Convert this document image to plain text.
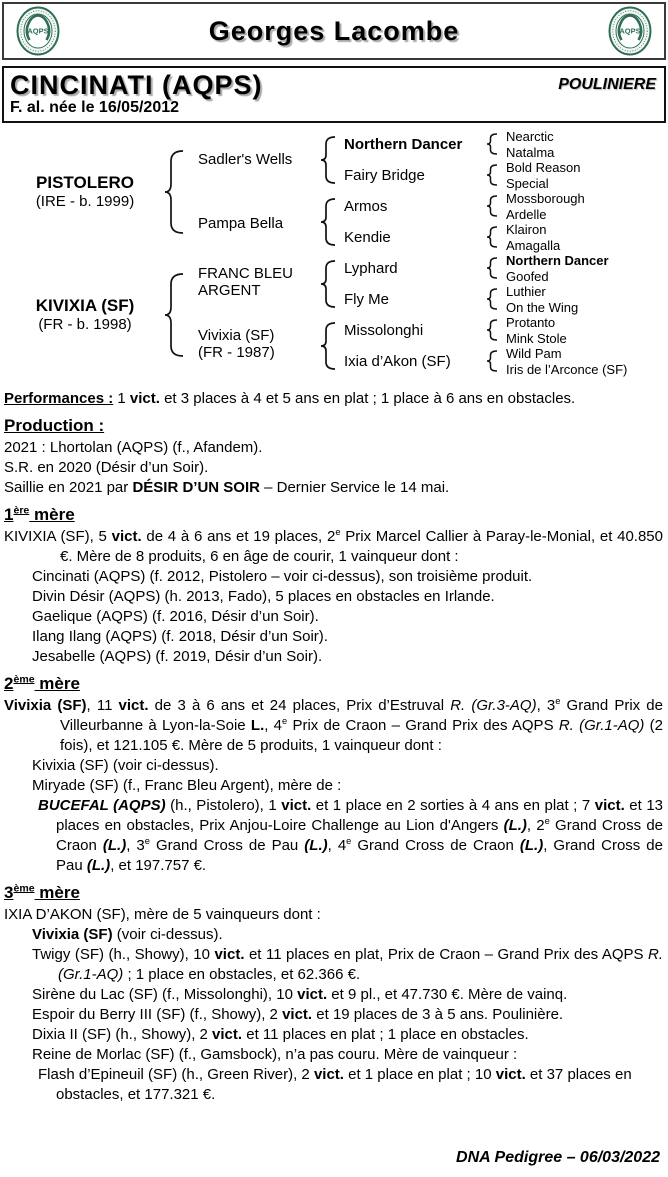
AQPS	Georges Lacombe	AQPS
CINCINATI (AQPS)
F. al. née le 16/05/2012
POULINIERE
PISTOLERO
(IRE - b. 1999)
KIVIXIA (SF)
(FR - b. 1998)
Sadler's Wells
Pampa Bella
FRANC BLEU ARGENT
Vivixia (SF)
(FR - 1987)
Northern Dancer
Fairy Bridge
Armos
Kendie
Lyphard
Fly Me
Missolonghi
Ixia d’Akon (SF)
Nearctic
Natalma
Bold Reason
Special
Mossborough
Ardelle
Klairon
Amagalla
Northern Dancer
Goofed
Luthier
On the Wing
Protanto
Mink Stole
Wild Pam
Iris de l’Arconce (SF)

Performances : 1 vict. et 3 places à 4 et 5 ans en plat ; 1 place à 6 ans en obstacles.

Production :

2021 : Lhortolan (AQPS) (f., Afandem).

S.R. en 2020 (Désir d’un Soir).

Saillie en 2021 par DÉSIR D’UN SOIR – Dernier Service le 14 mai.

1ère mère

KIVIXIA (SF), 5 vict. de 4 à 6 ans et 19 places, 2e Prix Marcel Callier à Paray-le-Monial, et 40.850 €. Mère de 8 produits, 6 en âge de courir, 1 vainqueur dont :

Cincinati (AQPS) (f. 2012, Pistolero – voir ci-dessus), son troisième produit.

Divin Désir (AQPS) (h. 2013, Fado), 5 places en obstacles en Irlande.

Gaelique (AQPS) (f. 2016, Désir d’un Soir).

Ilang Ilang (AQPS) (f. 2018, Désir d’un Soir).

Jesabelle (AQPS) (f. 2019, Désir d’un Soir).

2ème mère

Vivixia (SF), 11 vict. de 3 à 6 ans et 24 places, Prix d’Estruval R. (Gr.3-AQ), 3e Grand Prix de Villeurbanne à Lyon-la-Soie L., 4e Prix de Craon – Grand Prix des AQPS R. (Gr.1-AQ) (2 fois), et 121.105 €. Mère de 5 produits, 1 vainqueur dont :

Kivixia (SF) (voir ci-dessus).

Miryade (SF) (f., Franc Bleu Argent), mère de :

BUCEFAL (AQPS) (h., Pistolero), 1 vict. et 1 place en 2 sorties à 4 ans en plat ; 7 vict. et 13 places en obstacles, Prix Anjou-Loire Challenge au Lion d'Angers (L.), 2e Grand Cross de Craon (L.), 3e Grand Cross de Pau (L.), 4e Grand Cross de Craon (L.), Grand Cross de Pau (L.), et 197.757 €.

3ème mère

IXIA D’AKON (SF), mère de 5 vainqueurs dont :

Vivixia (SF) (voir ci-dessus).

Twigy (SF) (h., Showy), 10 vict. et 11 places en plat, Prix de Craon – Grand Prix des AQPS R. (Gr.1-AQ) ; 1 place en obstacles, et 62.366 €.

Sirène du Lac (SF) (f., Missolonghi), 10 vict. et 9 pl., et 47.730 €. Mère de vainq.

Espoir du Berry III (SF) (f., Showy), 2 vict. et 19 places de 3 à 5 ans. Poulinière.

Dixia II (SF) (h., Showy), 2 vict. et 11 places en plat ; 1 place en obstacles.

Reine de Morlac (SF) (f., Gamsbock), n’a pas couru. Mère de vainqueur :

Flash d’Epineuil (SF) (h., Green River), 2 vict. et 1 place en plat ; 10 vict. et 37 places en obstacles, et 177.321 €.

DNA Pedigree – 06/03/2022
